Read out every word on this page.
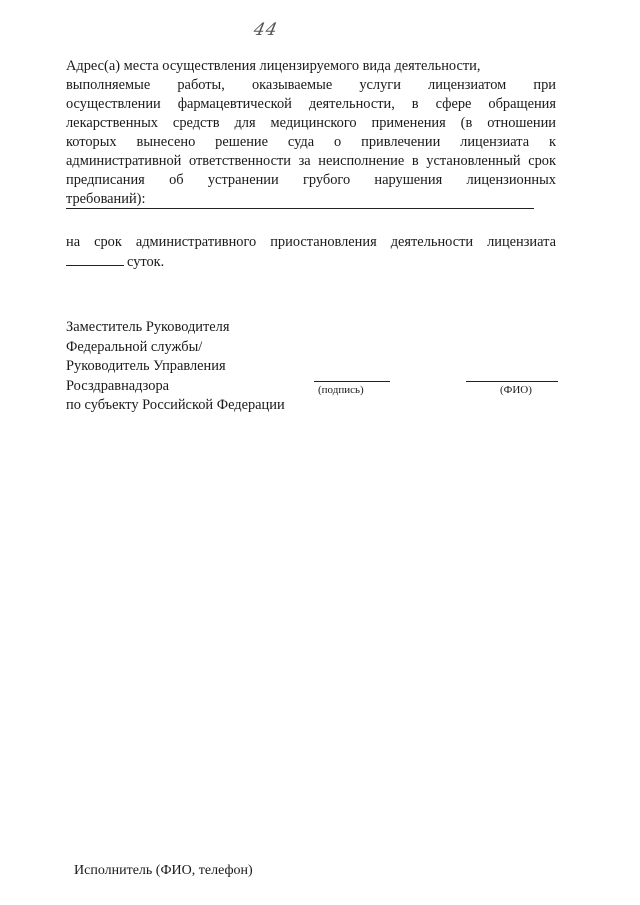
44
Адрес(а) места осуществления лицензируемого вида деятельности,
выполняемые работы, оказываемые услуги лицензиатом при
осуществлении фармацевтической деятельности, в сфере обращения
лекарственных средств для медицинского применения (в отношении
которых вынесено решение суда о привлечении лицензиата к
административной ответственности за неисполнение в установленный срок
предписания об устранении грубого нарушения лицензионных
требований):
на срок административного приостановления деятельности лицензиата
суток.
Заместитель Руководителя
Федеральной службы/
Руководитель Управления Росздравнадзора
по субъекту Российской Федерации
(подпись)	(ФИО)
Исполнитель (ФИО, телефон)
